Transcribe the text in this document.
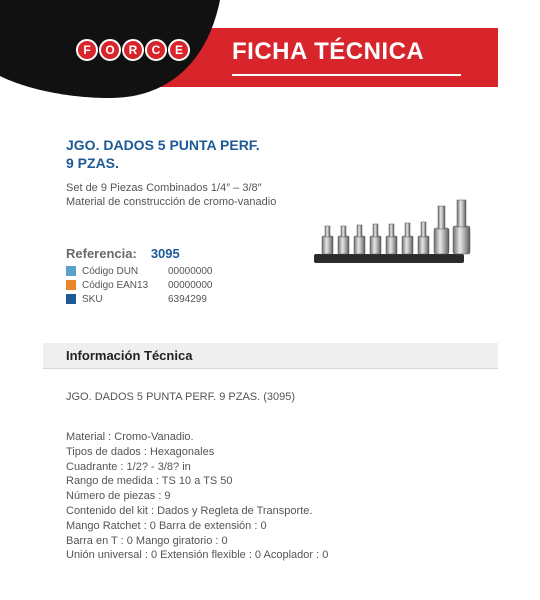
F	O	R	C	E FICHA TÉCNICA
JGO. DADOS 5 PUNTA PERF.
9 PZAS.
Set de 9 Piezas Combinados 1/4″ – 3/8″
Material de construcción de cromo-vanadio
Referencia: 3095
Código DUN	00000000
Código EAN13	00000000
SKU	6394299
Información Técnica
JGO. DADOS 5 PUNTA PERF. 9 PZAS. (3095)
Material : Cromo-Vanadio.
Tipos de dados : Hexagonales
Cuadrante : 1/2? - 3/8? in
Rango de medida : TS 10 a TS 50
Número de piezas : 9
Contenido del kit : Dados y Regleta de Transporte.
Mango Ratchet : 0 Barra de extensión : 0
Barra en T : 0 Mango giratorio : 0
Unión universal : 0 Extensión flexible : 0 Acoplador : 0
